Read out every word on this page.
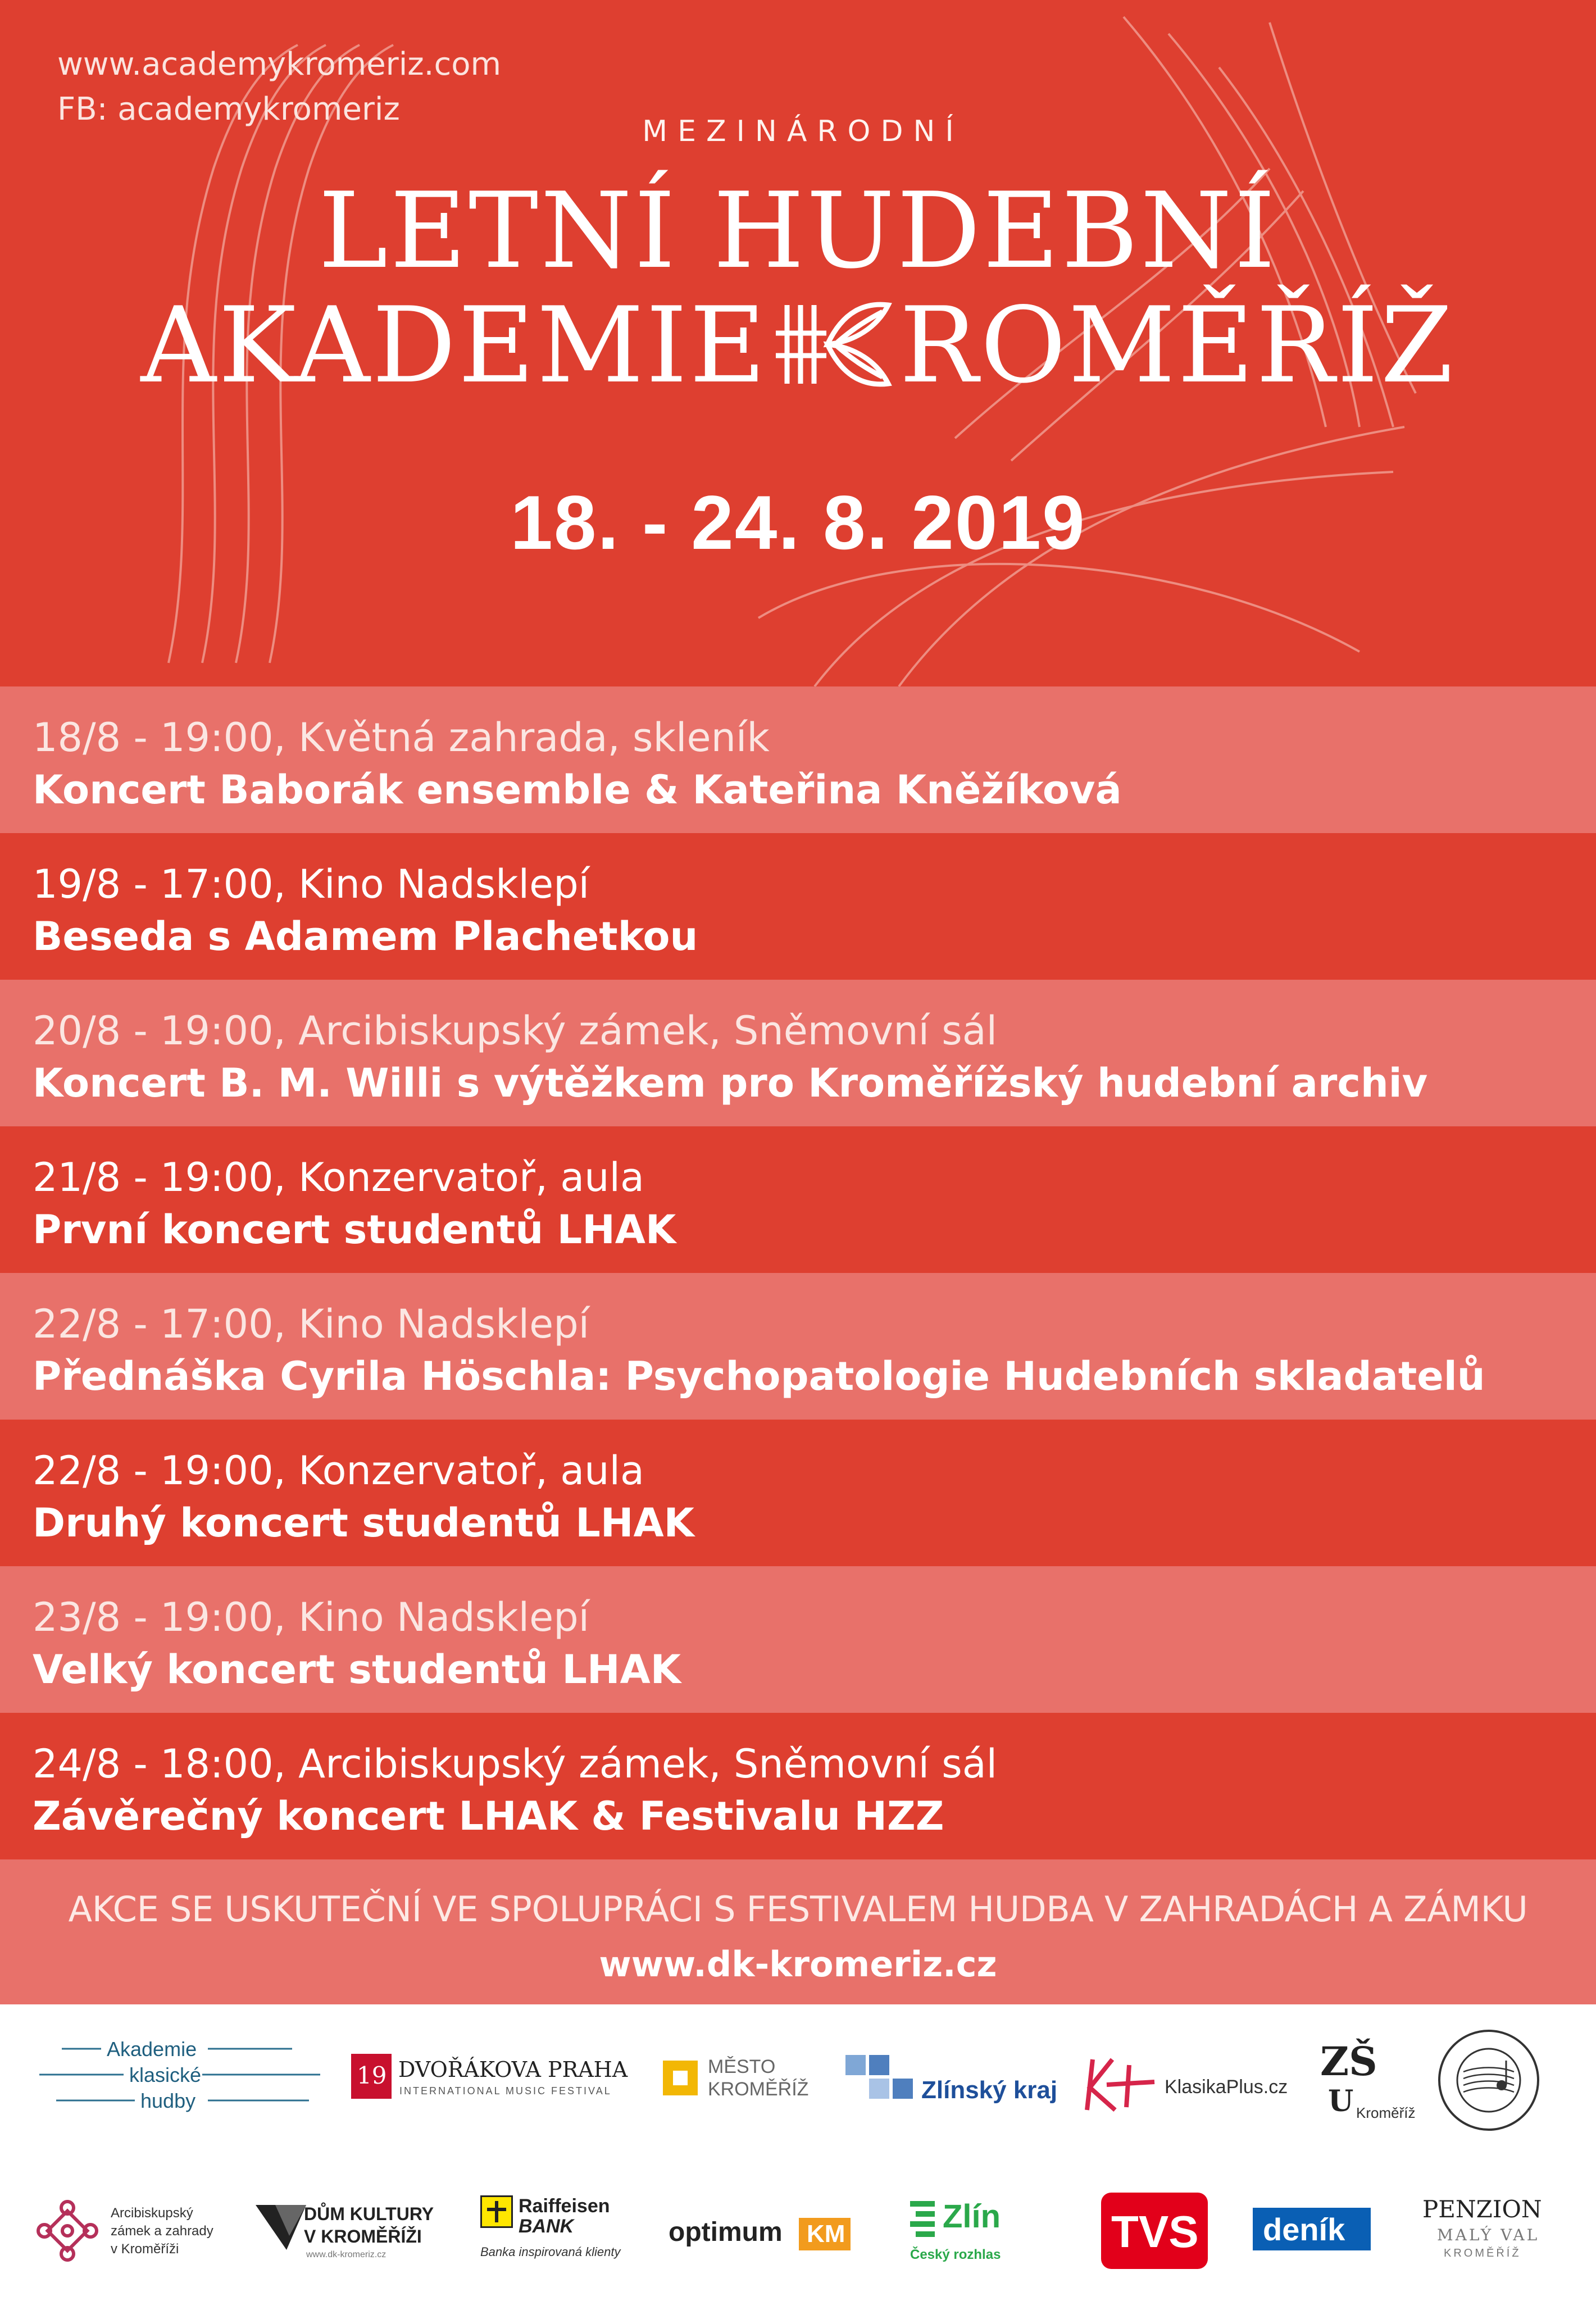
www.academykromeriz.com
FB: academykromeriz
MEZINÁRODNÍ
LETNÍ HUDEBNÍ
AKADEMIE ROMĚŘÍŽ
18. - 24. 8. 2019
18/8 - 19:00, Květná zahrada, skleník
Koncert Baborák ensemble & Kateřina Kněžíková
19/8 - 17:00, Kino Nadsklepí
Beseda s Adamem Plachetkou
20/8 - 19:00, Arcibiskupský zámek, Sněmovní sál
Koncert B. M. Willi s výtěžkem pro Kroměřížský hudební archiv
21/8 - 19:00, Konzervatoř, aula
První koncert studentů LHAK
22/8 - 17:00, Kino Nadsklepí
Přednáška Cyrila Höschla: Psychopatologie Hudebních skladatelů
22/8 - 19:00, Konzervatoř, aula
Druhý koncert studentů LHAK
23/8 - 19:00, Kino Nadsklepí
Velký koncert studentů LHAK
24/8 - 18:00, Arcibiskupský zámek, Sněmovní sál
Závěrečný koncert LHAK & Festivalu HZZ
AKCE SE USKUTEČNÍ VE SPOLUPRÁCI S FESTIVALEM HUDBA V ZAHRADÁCH A ZÁMKU
www.dk-kromeriz.cz
Akademie
klasické
hudby
19 DVOŘÁKOVA PRAHA
INTERNATIONAL MUSIC FESTIVAL
MĚSTO
KROMĚŘÍŽ	Zlínský kraj	KlasikaPlus.cz
ZŠ
U Kroměříž
Arcibiskupský
zámek a zahrady
v Kroměříži
DŮM KULTURY
V KROMĚŘÍŽI
www.dk-kromeriz.cz
Raiffeisen
BANK
Banka inspirovaná klienty
optimum KM	Zlín
Český rozhlas TVS deník
PENZION
MALÝ VAL
KROMĚŘÍŽ
